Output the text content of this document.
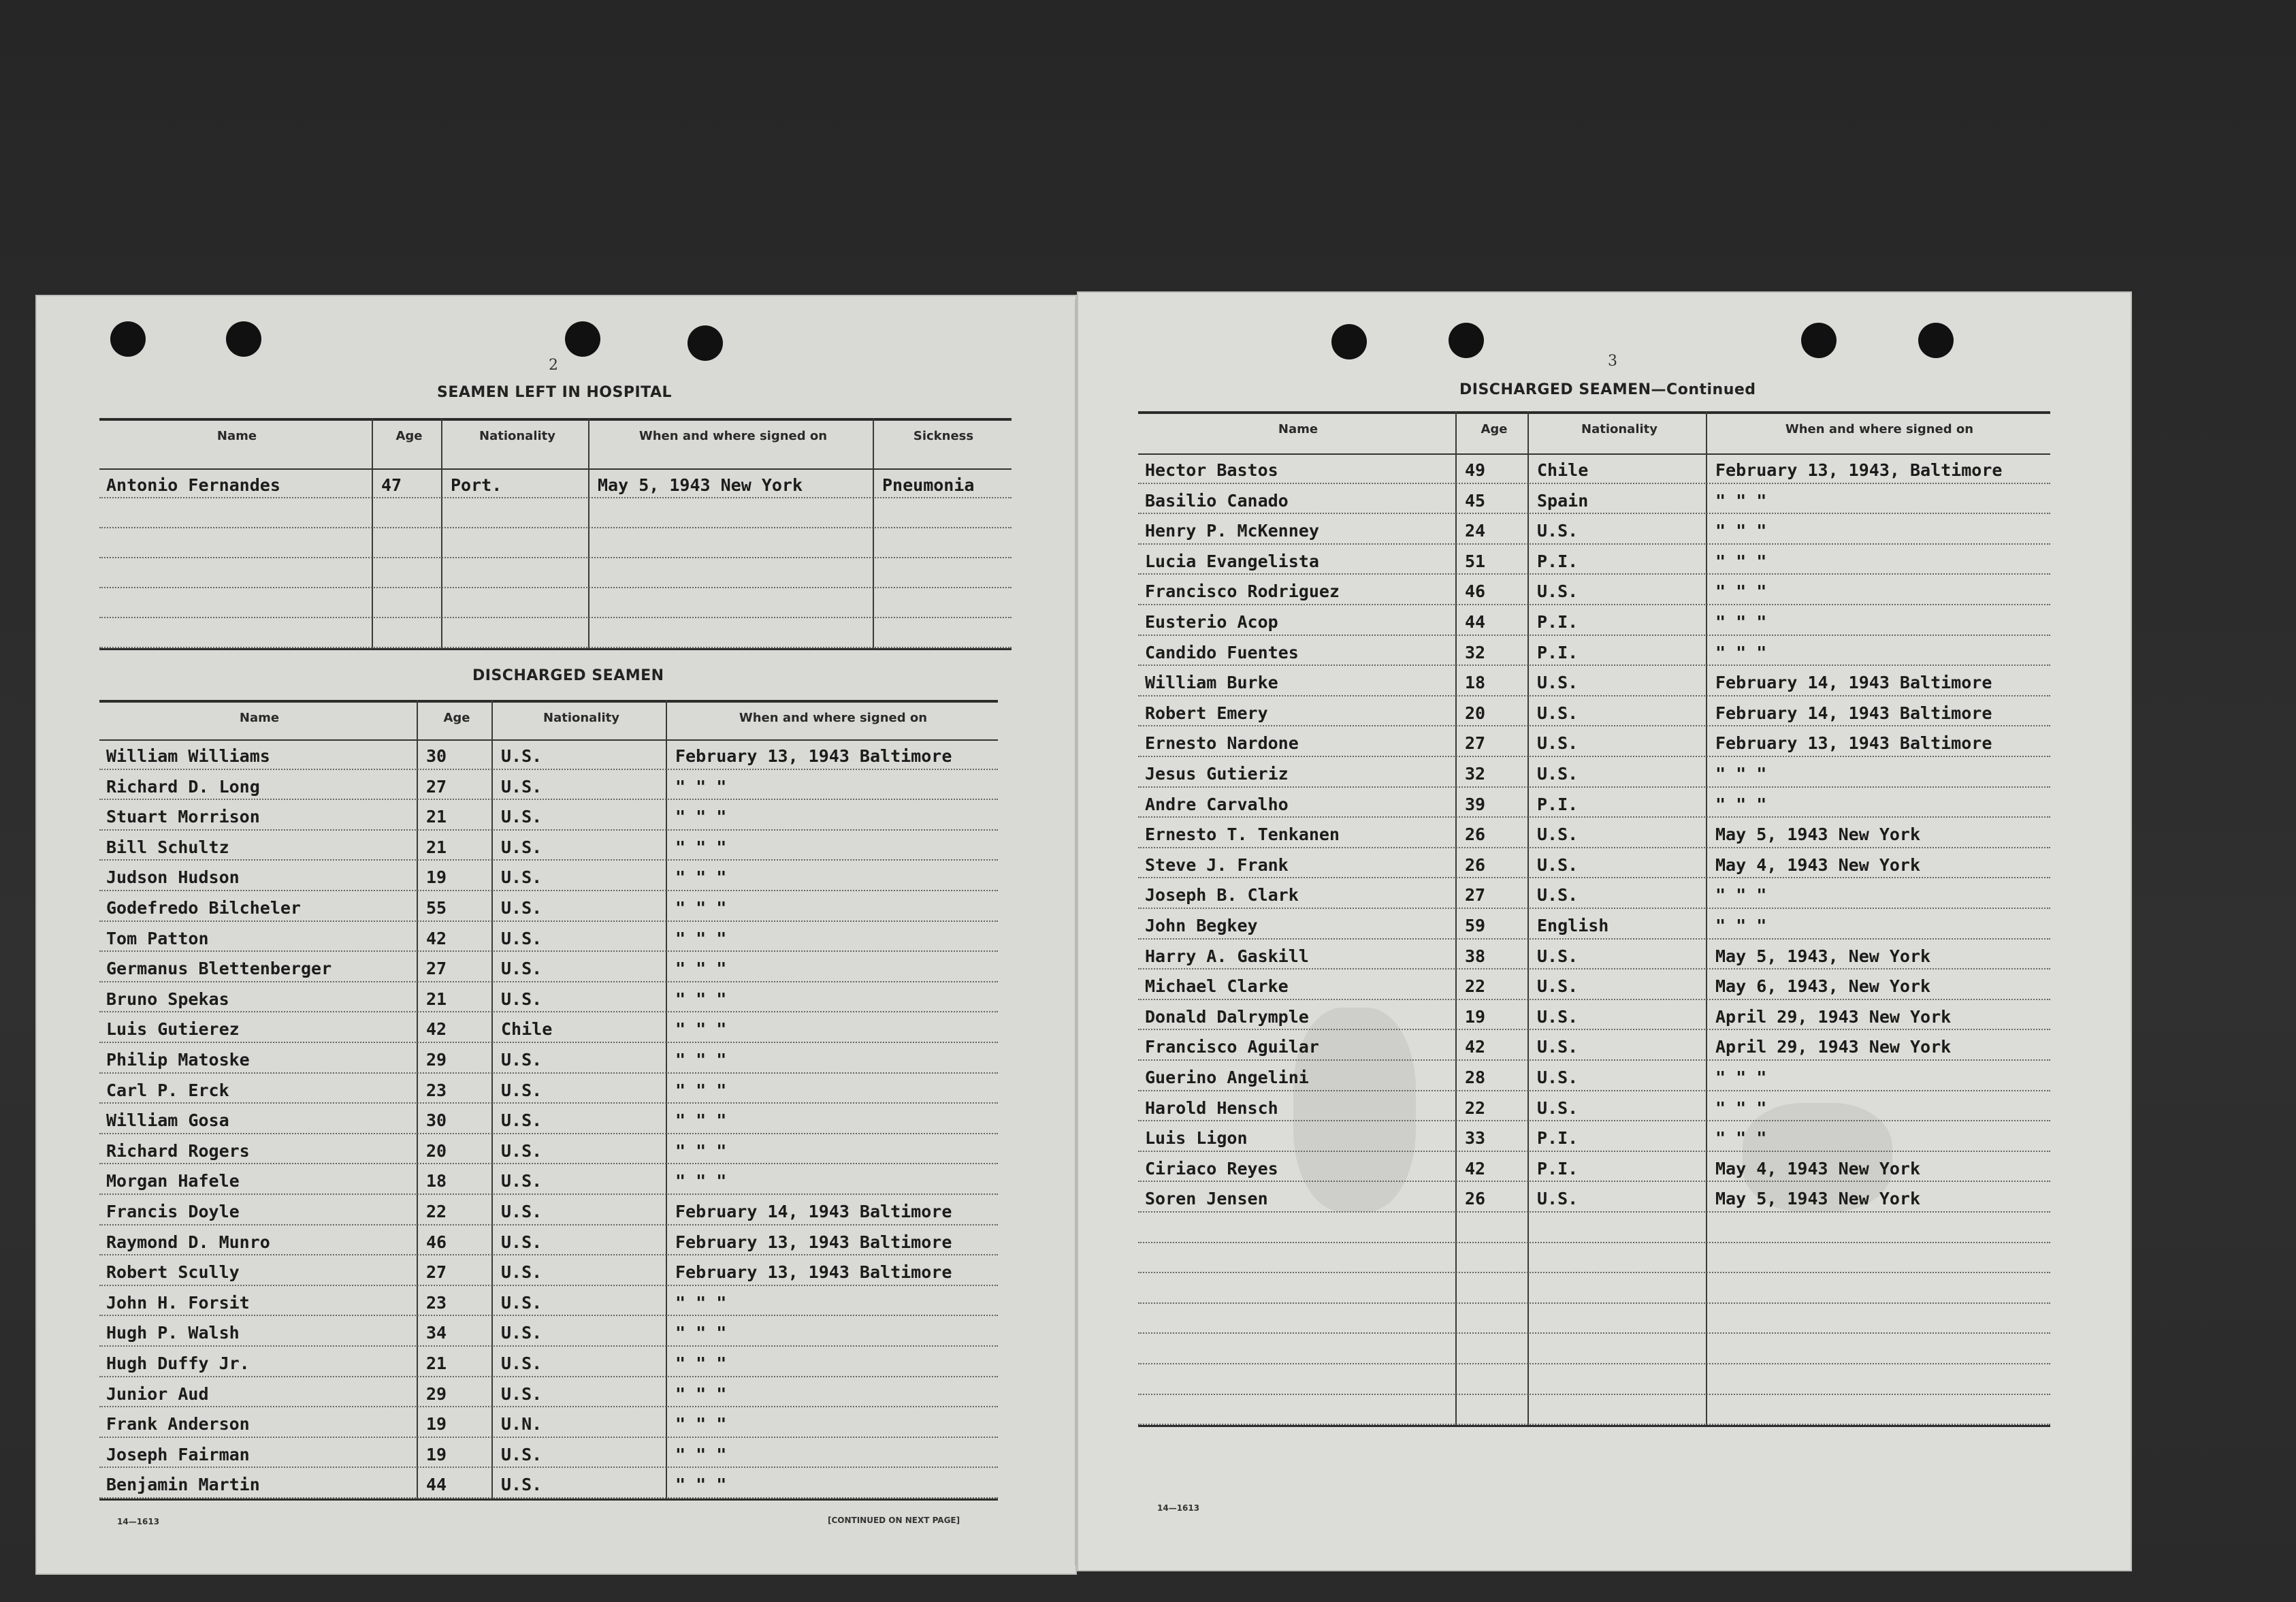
2
SEAMEN LEFT IN HOSPITAL
DISCHARGED SEAMEN
14—1613	[CONTINUED ON NEXT PAGE]
3
DISCHARGED SEAMEN—Continued
14—1613
Name	Age	Nationality	When and where signed on	Sickness
Antonio Fernandes	47	Port.	May 5, 1943 New York	Pneumonia
Name	Age	Nationality	When and where signed on
William Williams	30	U.S.	February 13, 1943 Baltimore
Richard D. Long	27	U.S.	" " "
Stuart Morrison	21	U.S.	" " "
Bill Schultz	21	U.S.	" " "
Judson Hudson	19	U.S.	" " "
Godefredo Bilcheler	55	U.S.	" " "
Tom Patton	42	U.S.	" " "
Germanus Blettenberger	27	U.S.	" " "
Bruno Spekas	21	U.S.	" " "
Luis Gutierez	42	Chile	" " "
Philip Matoske	29	U.S.	" " "
Carl P. Erck	23	U.S.	" " "
William Gosa	30	U.S.	" " "
Richard Rogers	20	U.S.	" " "
Morgan Hafele	18	U.S.	" " "
Francis Doyle	22	U.S.	February 14, 1943 Baltimore
Raymond D. Munro	46	U.S.	February 13, 1943 Baltimore
Robert Scully	27	U.S.	February 13, 1943 Baltimore
John H. Forsit	23	U.S.	" " "
Hugh P. Walsh	34	U.S.	" " "
Hugh Duffy Jr.	21	U.S.	" " "
Junior Aud	29	U.S.	" " "
Frank Anderson	19	U.N.	" " "
Joseph Fairman	19	U.S.	" " "
Benjamin Martin	44	U.S.	" " "
Name	Age	Nationality	When and where signed on
Hector Bastos	49	Chile	February 13, 1943, Baltimore
Basilio Canado	45	Spain	" " "
Henry P. McKenney	24	U.S.	" " "
Lucia Evangelista	51	P.I.	" " "
Francisco Rodriguez	46	U.S.	" " "
Eusterio Acop	44	P.I.	" " "
Candido Fuentes	32	P.I.	" " "
William Burke	18	U.S.	February 14, 1943 Baltimore
Robert Emery	20	U.S.	February 14, 1943 Baltimore
Ernesto Nardone	27	U.S.	February 13, 1943 Baltimore
Jesus Gutieriz	32	U.S.	" " "
Andre Carvalho	39	P.I.	" " "
Ernesto T. Tenkanen	26	U.S.	May 5, 1943 New York
Steve J. Frank	26	U.S.	May 4, 1943 New York
Joseph B. Clark	27	U.S.	" " "
John Begkey	59	English	" " "
Harry A. Gaskill	38	U.S.	May 5, 1943, New York
Michael Clarke	22	U.S.	May 6, 1943, New York
Donald Dalrymple	19	U.S.	April 29, 1943 New York
Francisco Aguilar	42	U.S.	April 29, 1943 New York
Guerino Angelini	28	U.S.	" " "
Harold Hensch	22	U.S.	" " "
Luis Ligon	33	P.I.	" " "
Ciriaco Reyes	42	P.I.	May 4, 1943 New York
Soren Jensen	26	U.S.	May 5, 1943 New York
